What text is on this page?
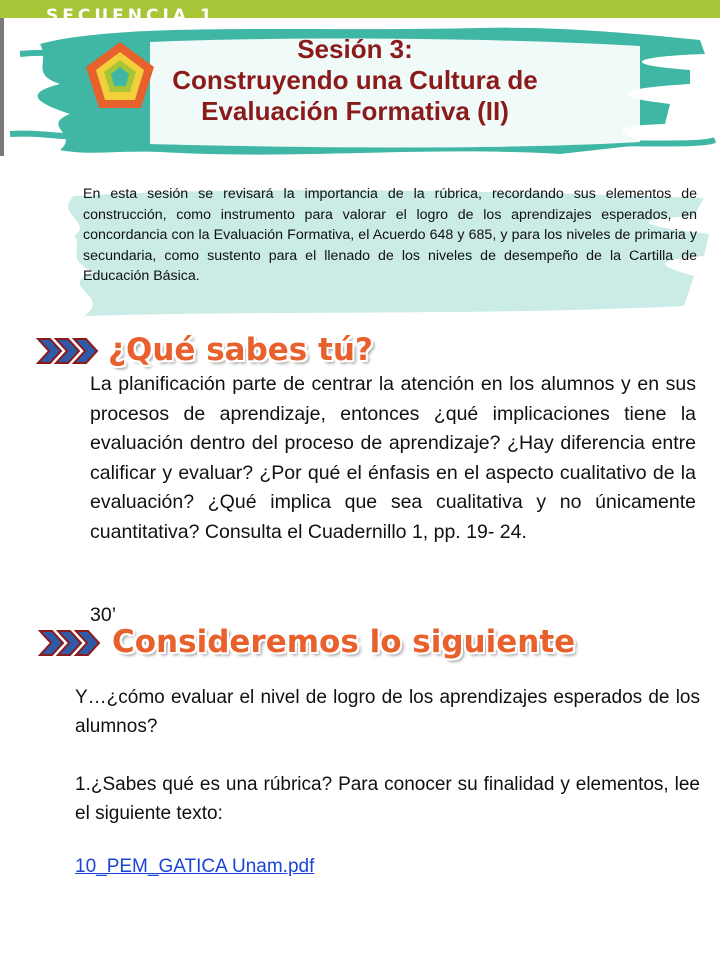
SECUENCIA 1
Sesión 3:
Construyendo una Cultura de
Evaluación Formativa (II)
En esta sesión se revisará la importancia de la rúbrica, recordando sus elementos de construcción, como instrumento para valorar el logro de los aprendizajes esperados, en concordancia con la Evaluación Formativa, el Acuerdo 648 y 685, y para los niveles de primaria y secundaria, como sustento para el llenado de los niveles de desempeño de la Cartilla de Educación Básica.
¿Qué sabes tú?
La planificación parte de centrar la atención en los alumnos y en sus procesos de aprendizaje, entonces ¿qué implicaciones tiene la evaluación dentro del proceso de aprendizaje? ¿Hay diferencia entre calificar y evaluar? ¿Por qué el énfasis en el aspecto cualitativo de la evaluación? ¿Qué implica que sea cualitativa y no únicamente cuantitativa? Consulta el Cuadernillo 1, pp. 19- 24.
30’
Consideremos lo siguiente
Y…¿cómo evaluar el nivel de logro de los aprendizajes esperados de los alumnos?
1.¿Sabes qué es una rúbrica? Para conocer su finalidad y elementos, lee el siguiente texto:
10_PEM_GATICA Unam.pdf
